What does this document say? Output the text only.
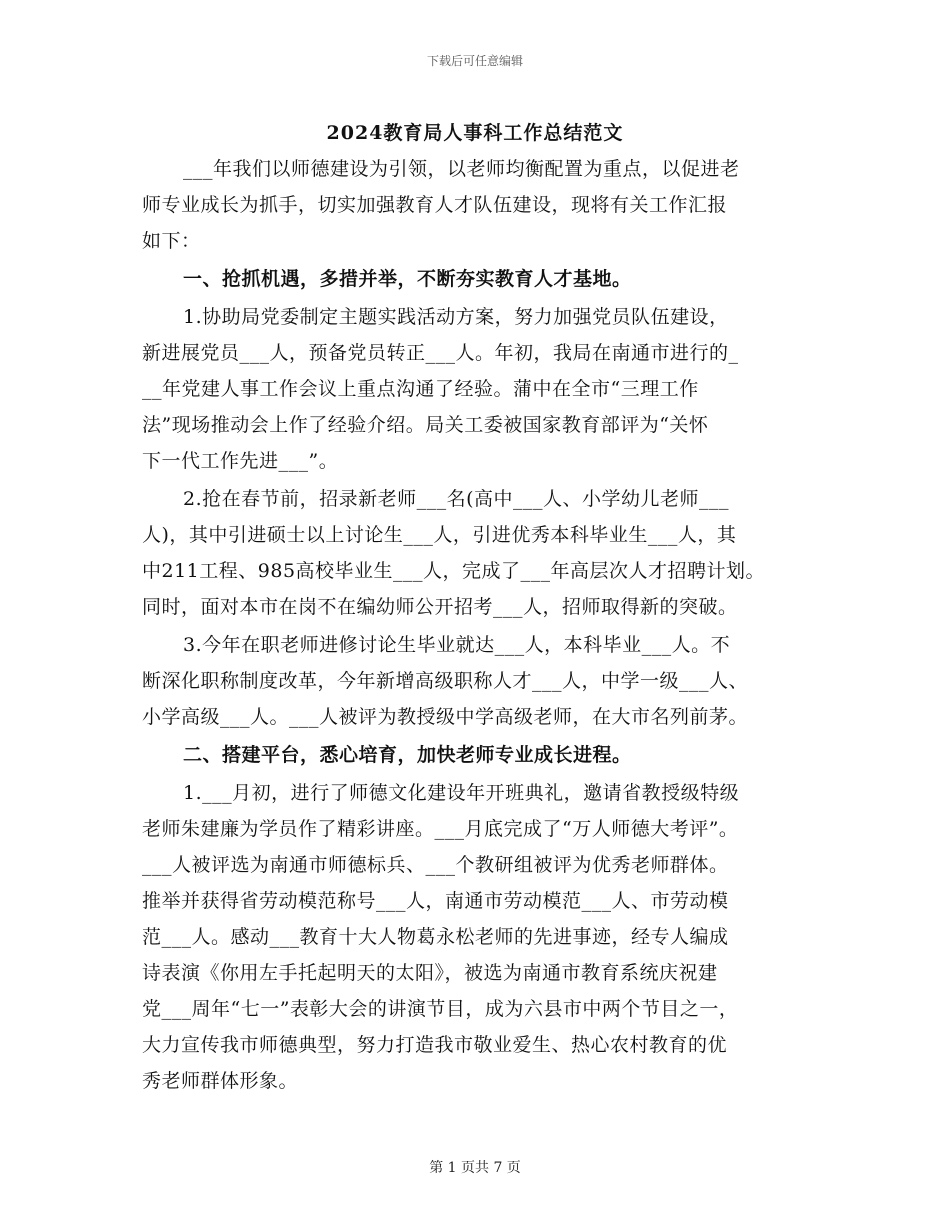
下载后可任意编辑
2024教育局人事科工作总结范文
___年我们以师德建设为引领，以老师均衡配置为重点，以促进老
师专业成长为抓手，切实加强教育人才队伍建设，现将有关工作汇报
如下：
一、抢抓机遇，多措并举，不断夯实教育人才基地。
1.协助局党委制定主题实践活动方案，努力加强党员队伍建设，
新进展党员___人，预备党员转正___人。年初，我局在南通市进行的_
__年党建人事工作会议上重点沟通了经验。蒲中在全市“三理工作
法”现场推动会上作了经验介绍。局关工委被国家教育部评为“关怀
下一代工作先进___”。
2.抢在春节前，招录新老师___名(高中___人、小学幼儿老师___
人)，其中引进硕士以上讨论生___人，引进优秀本科毕业生___人，其
中211工程、985高校毕业生___人，完成了___年高层次人才招聘计划。
同时，面对本市在岗不在编幼师公开招考___人，招师取得新的突破。
3.今年在职老师进修讨论生毕业就达___人，本科毕业___人。不
断深化职称制度改革，今年新增高级职称人才___人，中学一级___人、
小学高级___人。___人被评为教授级中学高级老师，在大市名列前茅。
二、搭建平台，悉心培育，加快老师专业成长进程。
1.___月初，进行了师德文化建设年开班典礼，邀请省教授级特级
老师朱建廉为学员作了精彩讲座。___月底完成了“万人师德大考评”。
___人被评选为南通市师德标兵、___个教研组被评为优秀老师群体。
推举并获得省劳动模范称号___人，南通市劳动模范___人、市劳动模
范___人。感动___教育十大人物葛永松老师的先进事迹，经专人编成
诗表演《你用左手托起明天的太阳》，被选为南通市教育系统庆祝建
党___周年“七一”表彰大会的讲演节目，成为六县市中两个节目之一，
大力宣传我市师德典型，努力打造我市敬业爱生、热心农村教育的优
秀老师群体形象。
第 1 页共 7 页
